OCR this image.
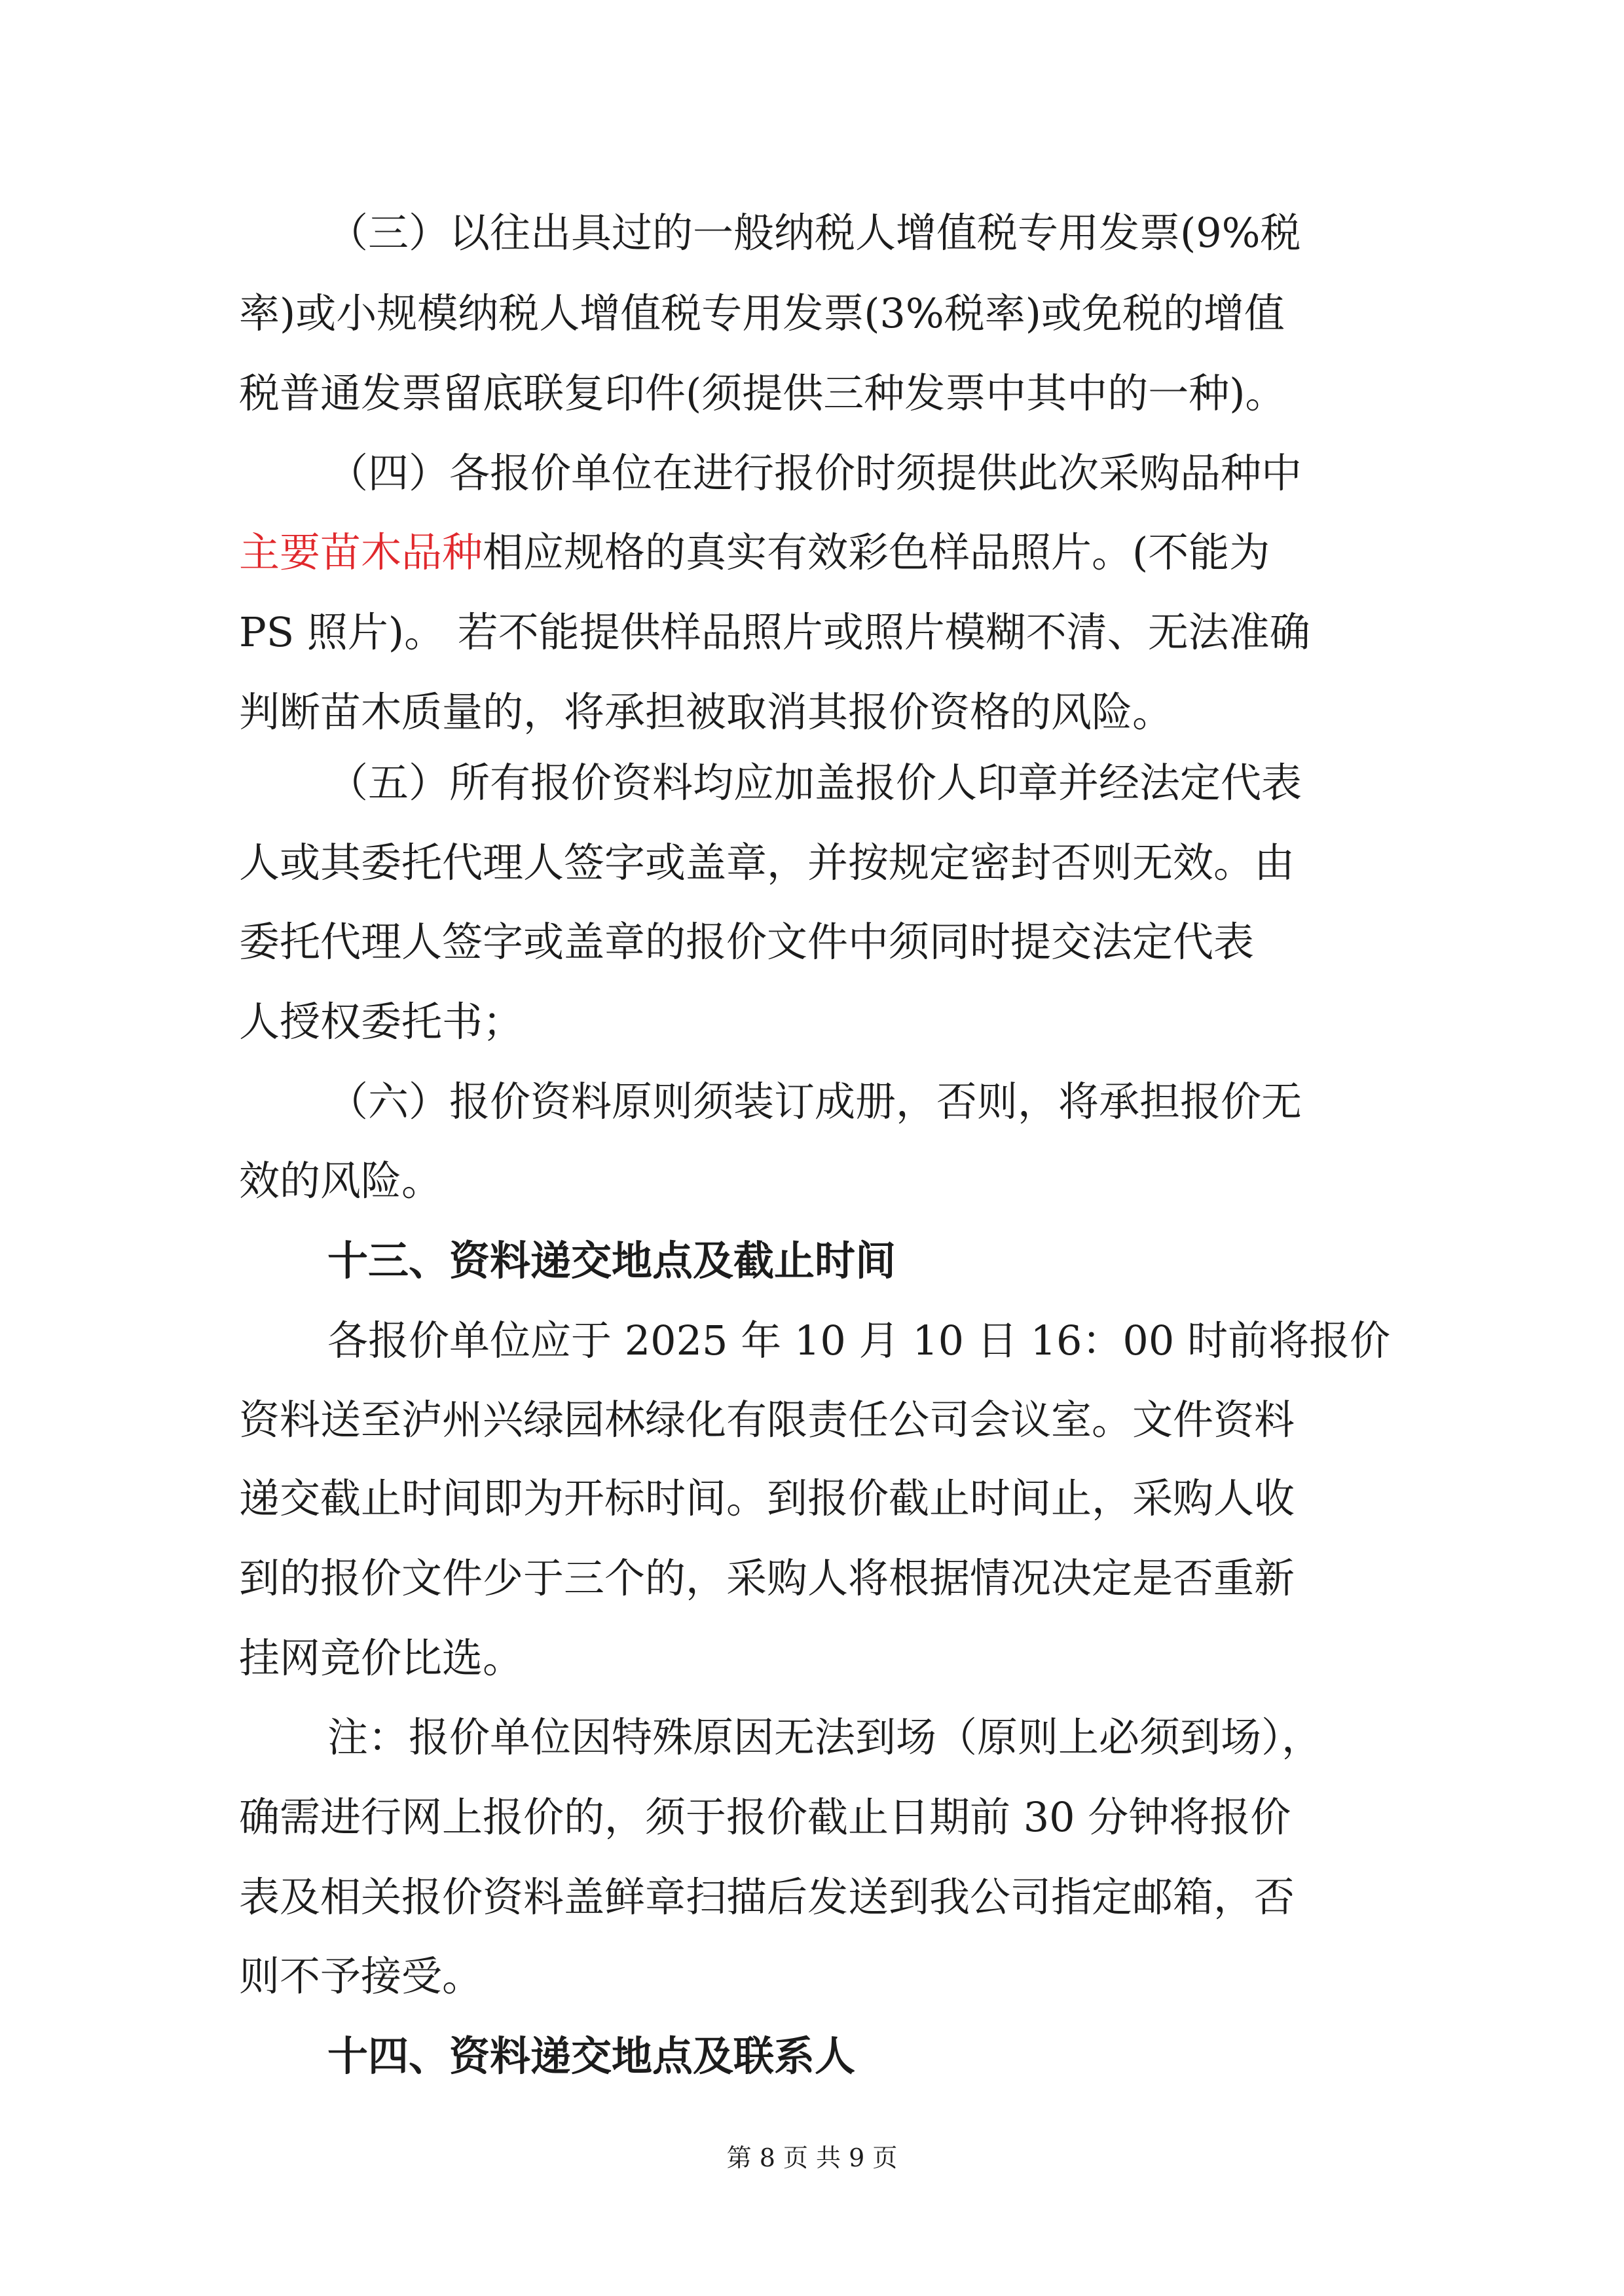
（三）以往出具过的一般纳税人增值税专用发票(9%税
率)或小规模纳税人增值税专用发票(3%税率)或免税的增值
税普通发票留底联复印件(须提供三种发票中其中的一种)。
（四）各报价单位在进行报价时须提供此次采购品种中
主要苗木品种相应规格的真实有效彩色样品照片。(不能为
PS 照片)。 若不能提供样品照片或照片模糊不清、无法准确
判断苗木质量的，将承担被取消其报价资格的风险。
（五）所有报价资料均应加盖报价人印章并经法定代表
人或其委托代理人签字或盖章，并按规定密封否则无效。由
委托代理人签字或盖章的报价文件中须同时提交法定代表
人授权委托书；
（六）报价资料原则须装订成册，否则，将承担报价无
效的风险。
十三、资料递交地点及截止时间
各报价单位应于 2025 年 10 月 10 日 16：00 时前将报价
资料送至泸州兴绿园林绿化有限责任公司会议室。文件资料
递交截止时间即为开标时间。到报价截止时间止，采购人收
到的报价文件少于三个的，采购人将根据情况决定是否重新
挂网竞价比选。
注：报价单位因特殊原因无法到场（原则上必须到场），
确需进行网上报价的，须于报价截止日期前 30 分钟将报价
表及相关报价资料盖鲜章扫描后发送到我公司指定邮箱，否
则不予接受。
十四、资料递交地点及联系人
第 8 页 共 9 页
